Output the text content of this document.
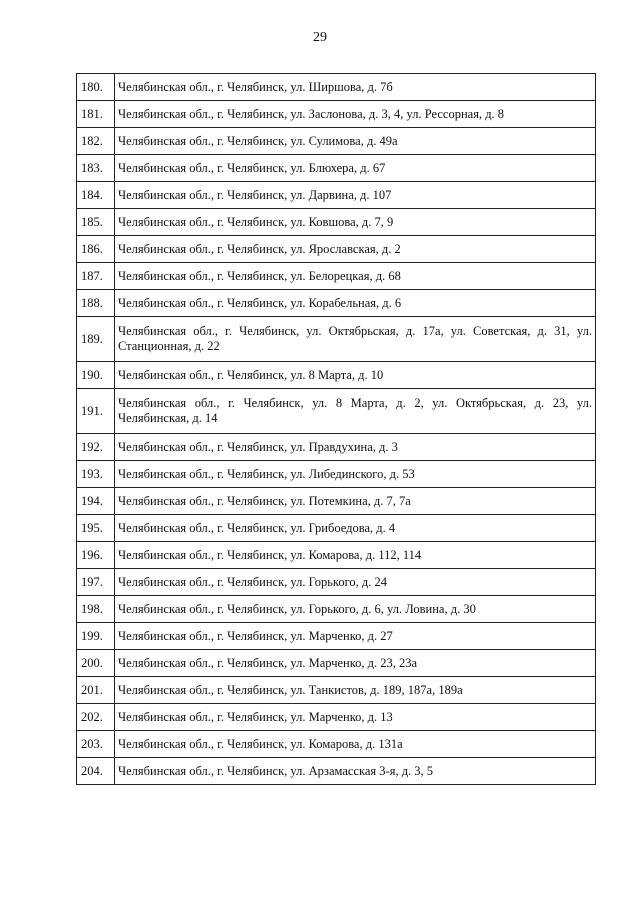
29
180.	Челябинская обл., г. Челябинск, ул. Ширшова, д. 7б
181.	Челябинская обл., г. Челябинск, ул. Заслонова, д. 3, 4, ул. Рессорная, д. 8
182.	Челябинская обл., г. Челябинск, ул. Сулимова, д. 49а
183.	Челябинская обл., г. Челябинск, ул. Блюхера, д. 67
184.	Челябинская обл., г. Челябинск, ул. Дарвина, д. 107
185.	Челябинская обл., г. Челябинск, ул. Ковшова, д. 7, 9
186.	Челябинская обл., г. Челябинск, ул. Ярославская, д. 2
187.	Челябинская обл., г. Челябинск, ул. Белорецкая, д. 68
188.	Челябинская обл., г. Челябинск, ул. Корабельная, д. 6
189.	Челябинская обл., г. Челябинск, ул. Октябрьская, д. 17а, ул. Советская, д. 31, ул. Станционная, д. 22
190.	Челябинская обл., г. Челябинск, ул. 8 Марта, д. 10
191.	Челябинская обл., г. Челябинск, ул. 8 Марта, д. 2, ул. Октябрьская, д. 23, ул. Челябинская, д. 14
192.	Челябинская обл., г. Челябинск, ул. Правдухина, д. 3
193.	Челябинская обл., г. Челябинск, ул. Либединского, д. 53
194.	Челябинская обл., г. Челябинск, ул. Потемкина, д. 7, 7а
195.	Челябинская обл., г. Челябинск, ул. Грибоедова, д. 4
196.	Челябинская обл., г. Челябинск, ул. Комарова, д. 112, 114
197.	Челябинская обл., г. Челябинск, ул. Горького, д. 24
198.	Челябинская обл., г. Челябинск, ул. Горького, д. 6, ул. Ловина, д. 30
199.	Челябинская обл., г. Челябинск, ул. Марченко, д. 27
200.	Челябинская обл., г. Челябинск, ул. Марченко, д. 23, 23а
201.	Челябинская обл., г. Челябинск, ул. Танкистов, д. 189, 187а, 189а
202.	Челябинская обл., г. Челябинск, ул. Марченко, д. 13
203.	Челябинская обл., г. Челябинск, ул. Комарова, д. 131а
204.	Челябинская обл., г. Челябинск, ул. Арзамасская 3-я, д. 3, 5
